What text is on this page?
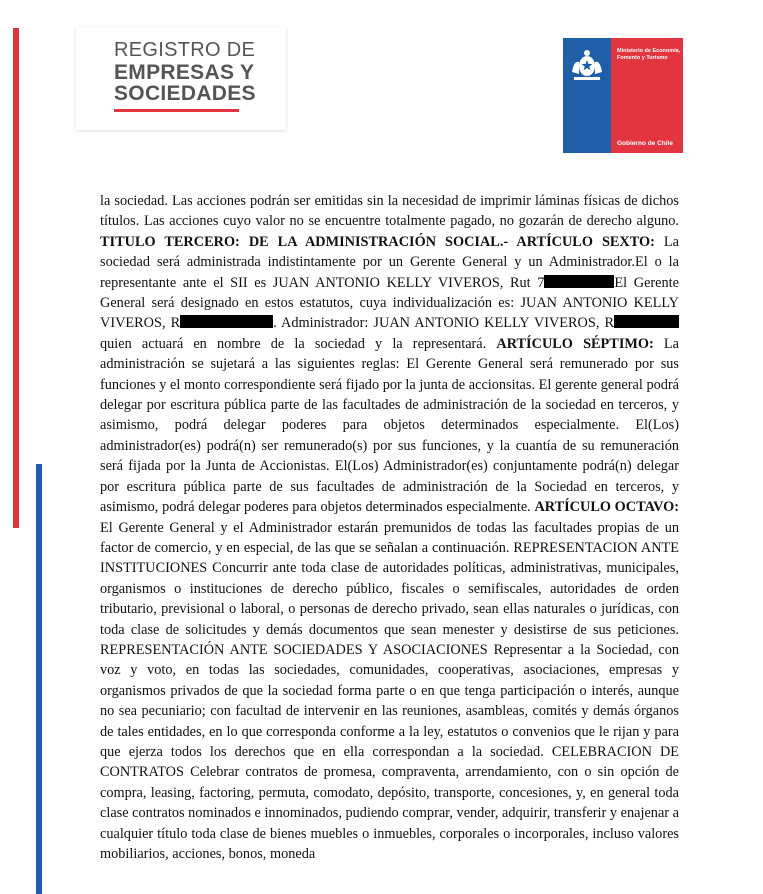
REGISTRO DE
EMPRESAS Y
SOCIEDADES
Ministerio de Economía, Fomento y Turismo
Gobierno de Chile

la sociedad. Las acciones podrán ser emitidas sin la necesidad de imprimir láminas físicas de dichos títulos. Las acciones cuyo valor no se encuentre totalmente pagado, no gozarán de derecho alguno. TITULO TERCERO: DE LA ADMINISTRACIÓN SOCIAL.- ARTÍCULO SEXTO: La sociedad será administrada indistintamente por un Gerente General y un Administrador.El o la representante ante el SII es JUAN ANTONIO KELLY VIVEROS, Rut 7	El Gerente General será designado en estos estatutos, cuya individualización es: JUAN ANTONIO KELLY VIVEROS, R	. Administrador: JUAN ANTONIO KELLY VIVEROS, R quien actuará en nombre de la sociedad y la representará. ARTÍCULO SÉPTIMO: La administración se sujetará a las siguientes reglas: El Gerente General será remunerado por sus funciones y el monto correspondiente será fijado por la junta de accionsitas. El gerente general podrá delegar por escritura pública parte de las facultades de administración de la sociedad en terceros, y asimismo, podrá delegar poderes para objetos determinados especialmente. El(Los) administrador(es) podrá(n) ser remunerado(s) por sus funciones, y la cuantía de su remuneración será fijada por la Junta de Accionistas. El(Los) Administrador(es) conjuntamente podrá(n) delegar por escritura pública parte de sus facultades de administración de la Sociedad en terceros, y asimismo, podrá delegar poderes para objetos determinados especialmente. ARTÍCULO OCTAVO: El Gerente General y el Administrador estarán premunidos de todas las facultades propias de un factor de comercio, y en especial, de las que se señalan a continuación. REPRESENTACION ANTE INSTITUCIONES Concurrir ante toda clase de autoridades políticas, administrativas, municipales, organismos o instituciones de derecho público, fiscales o semifiscales, autoridades de orden tributario, previsional o laboral, o personas de derecho privado, sean ellas naturales o jurídicas, con toda clase de solicitudes y demás documentos que sean menester y desistirse de sus peticiones. REPRESENTACIÓN ANTE SOCIEDADES Y ASOCIACIONES Representar a la Sociedad, con voz y voto, en todas las sociedades, comunidades, cooperativas, asociaciones, empresas y organismos privados de que la sociedad forma parte o en que tenga participación o interés, aunque no sea pecuniario; con facultad de intervenir en las reuniones, asambleas, comités y demás órganos de tales entidades, en lo que corresponda conforme a la ley, estatutos o convenios que le rijan y para que ejerza todos los derechos que en ella correspondan a la sociedad. CELEBRACION DE CONTRATOS Celebrar contratos de promesa, compraventa, arrendamiento, con o sin opción de compra, leasing, factoring, permuta, comodato, depósito, transporte, concesiones, y, en general toda clase contratos nominados e innominados, pudiendo comprar, vender, adquirir, transferir y enajenar a cualquier título toda clase de bienes muebles o inmuebles, corporales o incorporales, incluso valores mobiliarios, acciones, bonos, moneda
